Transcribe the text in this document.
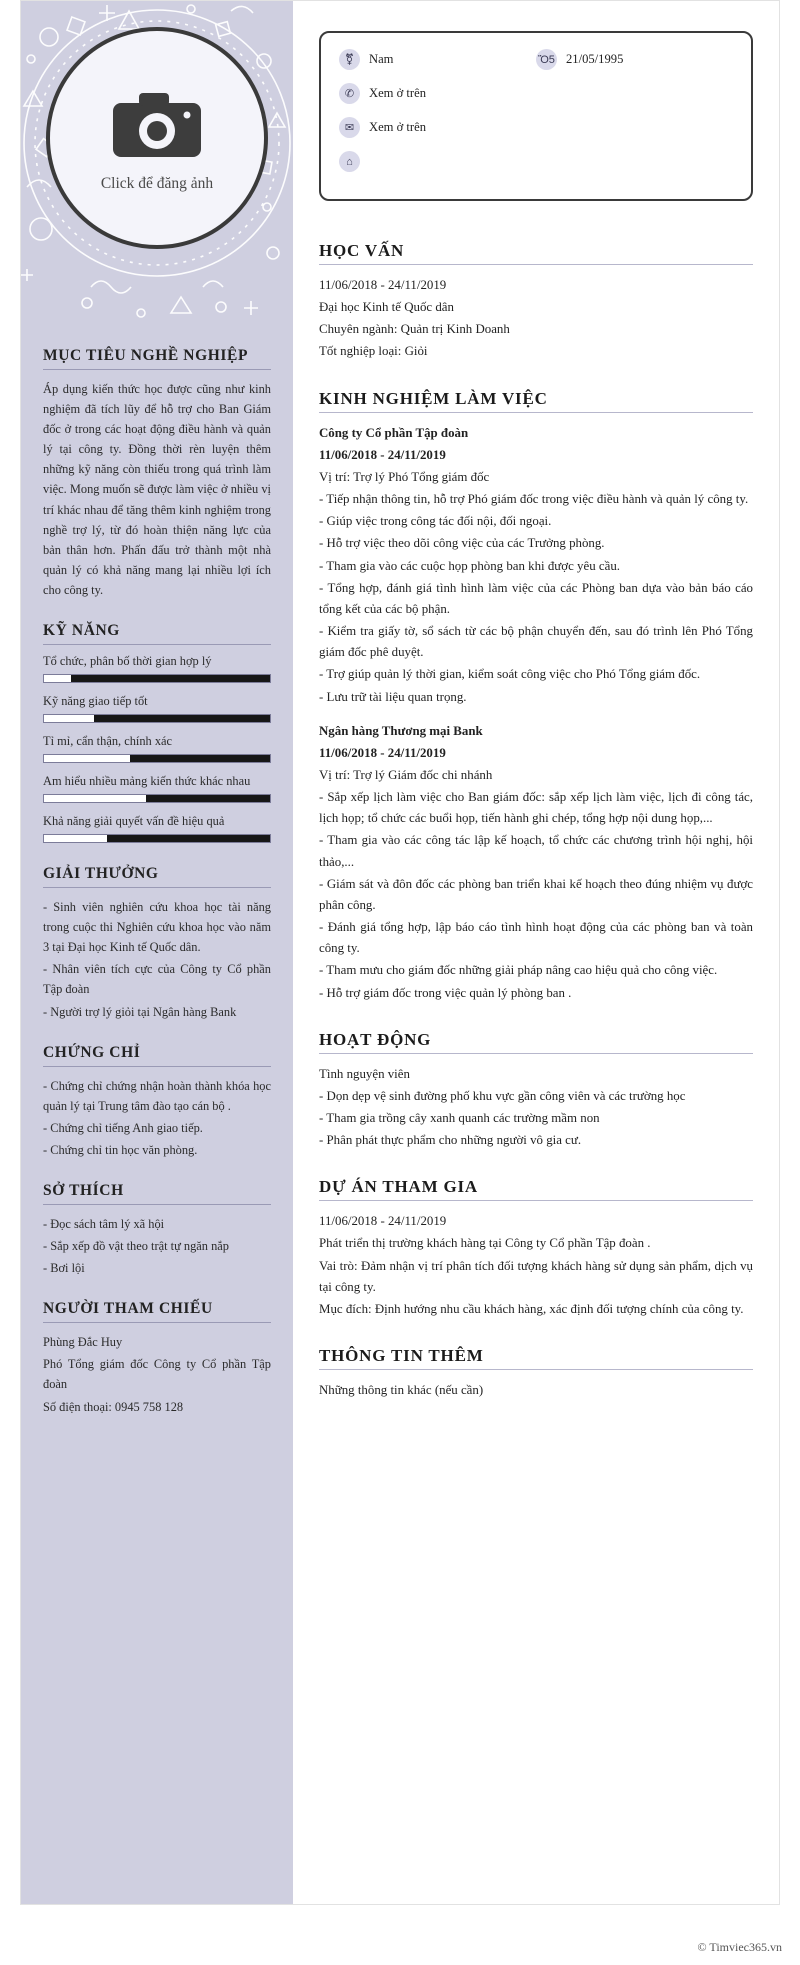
Click để đăng ảnh
MỤC TIÊU NGHỀ NGHIỆP

Áp dụng kiến thức học được cũng như kinh nghiệm đã tích lũy để hỗ trợ cho Ban Giám đốc ở trong các hoạt động điều hành và quản lý tại công ty. Đồng thời rèn luyện thêm những kỹ năng còn thiếu trong quá trình làm việc. Mong muốn sẽ được làm việc ở nhiều vị trí khác nhau để tăng thêm kinh nghiệm trong nghề trợ lý, từ đó hoàn thiện năng lực của bản thân hơn. Phấn đấu trở thành một nhà quản lý có khả năng mang lại nhiều lợi ích cho công ty.

KỸ NĂNG
Tổ chức, phân bố thời gian hợp lý
Kỹ năng giao tiếp tốt
Tỉ mỉ, cẩn thận, chính xác
Am hiểu nhiều mảng kiến thức khác nhau
Khả năng giải quyết vấn đề hiệu quả
GIẢI THƯỞNG

- Sinh viên nghiên cứu khoa học tài năng trong cuộc thi Nghiên cứu khoa học vào năm 3 tại Đại học Kinh tế Quốc dân.

- Nhân viên tích cực của Công ty Cổ phần Tập đoàn

- Người trợ lý giỏi tại Ngân hàng Bank

CHỨNG CHỈ

- Chứng chỉ chứng nhận hoàn thành khóa học quản lý tại Trung tâm đào tạo cán bộ .

- Chứng chỉ tiếng Anh giao tiếp.

- Chứng chỉ tin học văn phòng.

SỞ THÍCH

- Đọc sách tâm lý xã hội

- Sắp xếp đồ vật theo trật tự ngăn nắp

- Bơi lội

NGƯỜI THAM CHIẾU

Phùng Đắc Huy

Phó Tổng giám đốc Công ty Cổ phần Tập đoàn

Số điện thoại: 0945 758 128

⚧	Nam	Ὄ5 21/05/1995
✆	Xem ở trên
✉	Xem ở trên
⌂
HỌC VẤN

11/06/2018 - 24/11/2019

Đại học Kinh tế Quốc dân

Chuyên ngành: Quản trị Kinh Doanh

Tốt nghiệp loại: Giỏi

KINH NGHIỆM LÀM VIỆC

Công ty Cổ phần Tập đoàn

11/06/2018 - 24/11/2019

Vị trí: Trợ lý Phó Tổng giám đốc

- Tiếp nhận thông tin, hỗ trợ Phó giám đốc trong việc điều hành và quản lý công ty.

- Giúp việc trong công tác đối nội, đối ngoại.

- Hỗ trợ việc theo dõi công việc của các Trưởng phòng.

- Tham gia vào các cuộc họp phòng ban khi được yêu cầu.

- Tổng hợp, đánh giá tình hình làm việc của các Phòng ban dựa vào bản báo cáo tổng kết của các bộ phận.

- Kiểm tra giấy tờ, sổ sách từ các bộ phận chuyển đến, sau đó trình lên Phó Tổng giám đốc phê duyệt.

- Trợ giúp quản lý thời gian, kiểm soát công việc cho Phó Tổng giám đốc.

- Lưu trữ tài liệu quan trọng.

Ngân hàng Thương mại Bank

11/06/2018 - 24/11/2019

Vị trí: Trợ lý Giám đốc chi nhánh

- Sắp xếp lịch làm việc cho Ban giám đốc: sắp xếp lịch làm việc, lịch đi công tác, lịch họp; tổ chức các buổi họp, tiến hành ghi chép, tổng hợp nội dung họp,...

- Tham gia vào các công tác lập kế hoạch, tổ chức các chương trình hội nghị, hội thảo,...

- Giám sát và đôn đốc các phòng ban triển khai kế hoạch theo đúng nhiệm vụ được phân công.

- Đánh giá tổng hợp, lập báo cáo tình hình hoạt động của các phòng ban và toàn công ty.

- Tham mưu cho giám đốc những giải pháp nâng cao hiệu quả cho công việc.

- Hỗ trợ giám đốc trong việc quản lý phòng ban .

HOẠT ĐỘNG

Tình nguyện viên

- Dọn dẹp vệ sinh đường phố khu vực gần công viên và các trường học

- Tham gia trồng cây xanh quanh các trường mầm non

- Phân phát thực phẩm cho những người vô gia cư.

DỰ ÁN THAM GIA

11/06/2018 - 24/11/2019

Phát triển thị trường khách hàng tại Công ty Cổ phần Tập đoàn .

Vai trò: Đảm nhận vị trí phân tích đối tượng khách hàng sử dụng sản phẩm, dịch vụ tại công ty.

Mục đích: Định hướng nhu cầu khách hàng, xác định đối tượng chính của công ty.

THÔNG TIN THÊM

Những thông tin khác (nếu cần)

© Timviec365.vn
